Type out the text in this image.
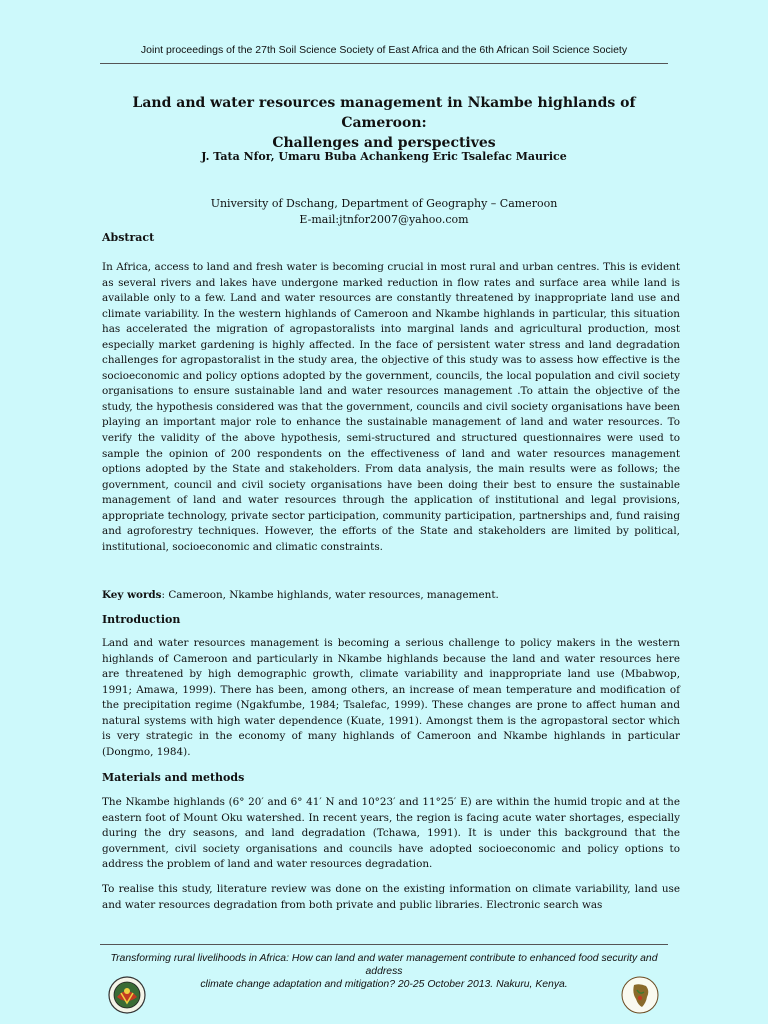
Joint proceedings of the 27th Soil Science Society of East Africa and the 6th African Soil Science Society
Land and water resources management in Nkambe highlands of Cameroon:
Challenges and perspectives
J. Tata Nfor, Umaru Buba Achankeng Eric Tsalefac Maurice
University of Dschang, Department of Geography – Cameroon
E-mail:jtnfor2007@yahoo.com
Abstract
In Africa, access to land and fresh water is becoming crucial in most rural and urban centres. This is evident as several rivers and lakes have undergone marked reduction in flow rates and surface area while land is available only to a few. Land and water resources are constantly threatened by inappropriate land use and climate variability. In the western highlands of Cameroon and Nkambe highlands in particular, this situation has accelerated the migration of agropastoralists into marginal lands and agricultural production, most especially market gardening is highly affected. In the face of persistent water stress and land degradation challenges for agropastoralist in the study area, the objective of this study was to assess how effective is the socioeconomic and policy options adopted by the government, councils, the local population and civil society organisations to ensure sustainable land and water resources management .To attain the objective of the study, the hypothesis considered was that the government, councils and civil society organisations have been playing an important major role to enhance the sustainable management of land and water resources. To verify the validity of the above hypothesis, semi-structured and structured questionnaires were used to sample the opinion of 200 respondents on the effectiveness of land and water resources management options adopted by the State and stakeholders. From data analysis, the main results were as follows; the government, council and civil society organisations have been doing their best to ensure the sustainable management of land and water resources through the application of institutional and legal provisions, appropriate technology, private sector participation, community participation, partnerships and, fund raising and agroforestry techniques. However, the efforts of the State and stakeholders are limited by political, institutional, socioeconomic and climatic constraints.
Key words: Cameroon, Nkambe highlands, water resources, management.
Introduction
Land and water resources management is becoming a serious challenge to policy makers in the western highlands of Cameroon and particularly in Nkambe highlands because the land and water resources here are threatened by high demographic growth, climate variability and inappropriate land use (Mbabwop, 1991; Amawa, 1999). There has been, among others, an increase of mean temperature and modification of the precipitation regime (Ngakfumbe, 1984; Tsalefac, 1999). These changes are prone to affect human and natural systems with high water dependence (Kuate, 1991). Amongst them is the agropastoral sector which is very strategic in the economy of many highlands of Cameroon and Nkambe highlands in particular (Dongmo, 1984).
Materials and methods
The Nkambe highlands (6° 20′ and 6° 41′ N and 10°23′ and 11°25′ E) are within the humid tropic and at the eastern foot of Mount Oku watershed. In recent years, the region is facing acute water shortages, especially during the dry seasons, and land degradation (Tchawa, 1991). It is under this background that the government, civil society organisations and councils have adopted socioeconomic and policy options to address the problem of land and water resources degradation.
To realise this study, literature review was done on the existing information on climate variability, land use and water resources degradation from both private and public libraries. Electronic search was
Transforming rural livelihoods in Africa: How can land and water management contribute to enhanced food security and address
climate change adaptation and mitigation? 20-25 October 2013. Nakuru, Kenya.
